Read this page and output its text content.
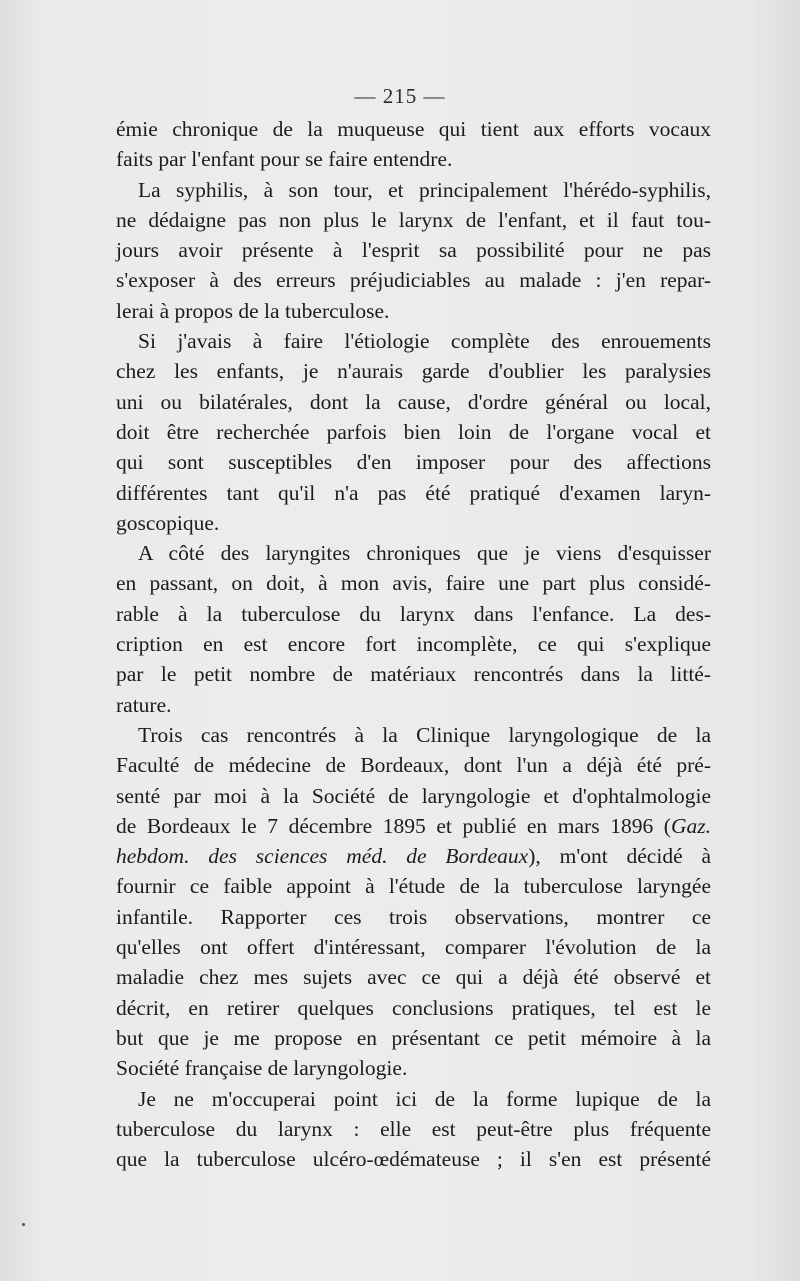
— 215 —
émie chronique de la muqueuse qui tient aux efforts vocaux
faits par l'enfant pour se faire entendre.
La syphilis, à son tour, et principalement l'hérédo-syphilis,
ne dédaigne pas non plus le larynx de l'enfant, et il faut tou-
jours avoir présente à l'esprit sa possibilité pour ne pas
s'exposer à des erreurs préjudiciables au malade : j'en repar-
lerai à propos de la tuberculose.
Si j'avais à faire l'étiologie complète des enrouements
chez les enfants, je n'aurais garde d'oublier les paralysies
uni ou bilatérales, dont la cause, d'ordre général ou local,
doit être recherchée parfois bien loin de l'organe vocal et
qui sont susceptibles d'en imposer pour des affections
différentes tant qu'il n'a pas été pratiqué d'examen laryn-
goscopique.
A côté des laryngites chroniques que je viens d'esquisser
en passant, on doit, à mon avis, faire une part plus considé-
rable à la tuberculose du larynx dans l'enfance. La des-
cription en est encore fort incomplète, ce qui s'explique
par le petit nombre de matériaux rencontrés dans la litté-
rature.
Trois cas rencontrés à la Clinique laryngologique de la
Faculté de médecine de Bordeaux, dont l'un a déjà été pré-
senté par moi à la Société de laryngologie et d'ophtalmologie
de Bordeaux le 7 décembre 1895 et publié en mars 1896 (Gaz.
hebdom. des sciences méd. de Bordeaux), m'ont décidé à
fournir ce faible appoint à l'étude de la tuberculose laryngée
infantile. Rapporter ces trois observations, montrer ce
qu'elles ont offert d'intéressant, comparer l'évolution de la
maladie chez mes sujets avec ce qui a déjà été observé et
décrit, en retirer quelques conclusions pratiques, tel est le
but que je me propose en présentant ce petit mémoire à la
Société française de laryngologie.
Je ne m'occuperai point ici de la forme lupique de la
tuberculose du larynx : elle est peut-être plus fréquente
que la tuberculose ulcéro-œdémateuse ; il s'en est présenté
